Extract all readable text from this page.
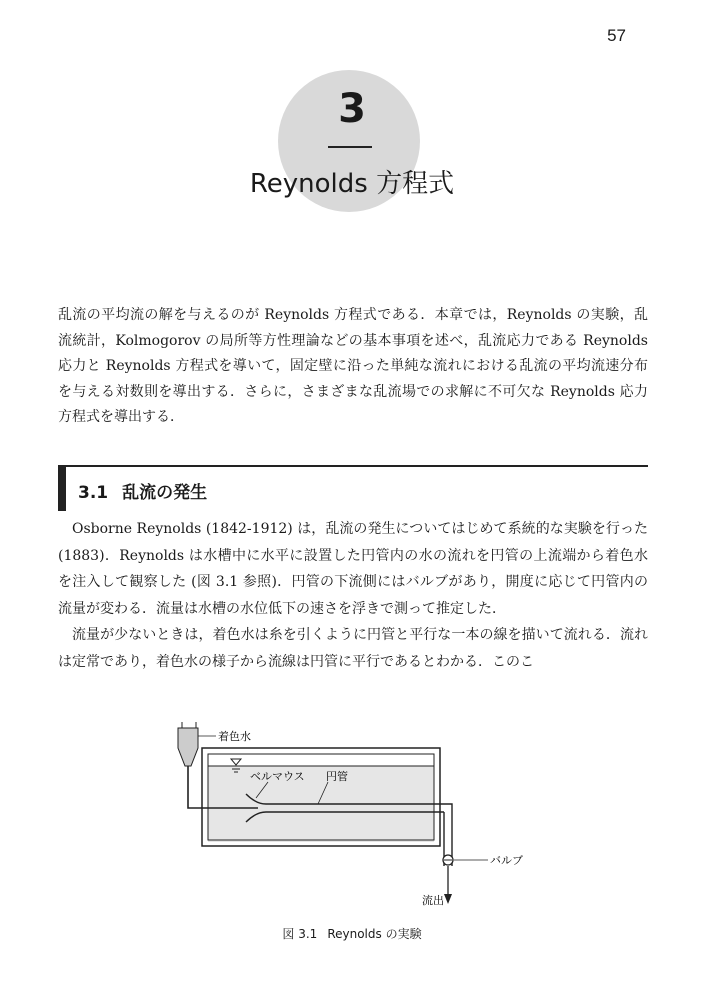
57
3
Reynolds 方程式

乱流の平均流の解を与えるのが Reynolds 方程式である．本章では，Reynolds の実験，乱流統計，Kolmogorov の局所等方性理論などの基本事項を述べ，乱流応力である Reynolds 応力と Reynolds 方程式を導いて，固定壁に沿った単純な流れにおける乱流の平均流速分布を与える対数則を導出する．さらに，さまざまな乱流場での求解に不可欠な Reynolds 応力方程式を導出する．

3.1 乱流の発生

Osborne Reynolds (1842-1912) は，乱流の発生についてはじめて系統的な実験を行った (1883)．Reynolds は水槽中に水平に設置した円管内の水の流れを円管の上流端から着色水を注入して観察した (図 3.1 参照)．円管の下流側にはバルブがあり，開度に応じて円管内の流量が変わる．流量は水槽の水位低下の速さを浮きで測って推定した．

流量が少ないときは，着色水は糸を引くように円管と平行な一本の線を描いて流れる．流れは定常であり，着色水の様子から流線は円管に平行であるとわかる．このこ

着色水
ベルマウス 円管
バルブ
流出
図 3.1 Reynolds の実験
